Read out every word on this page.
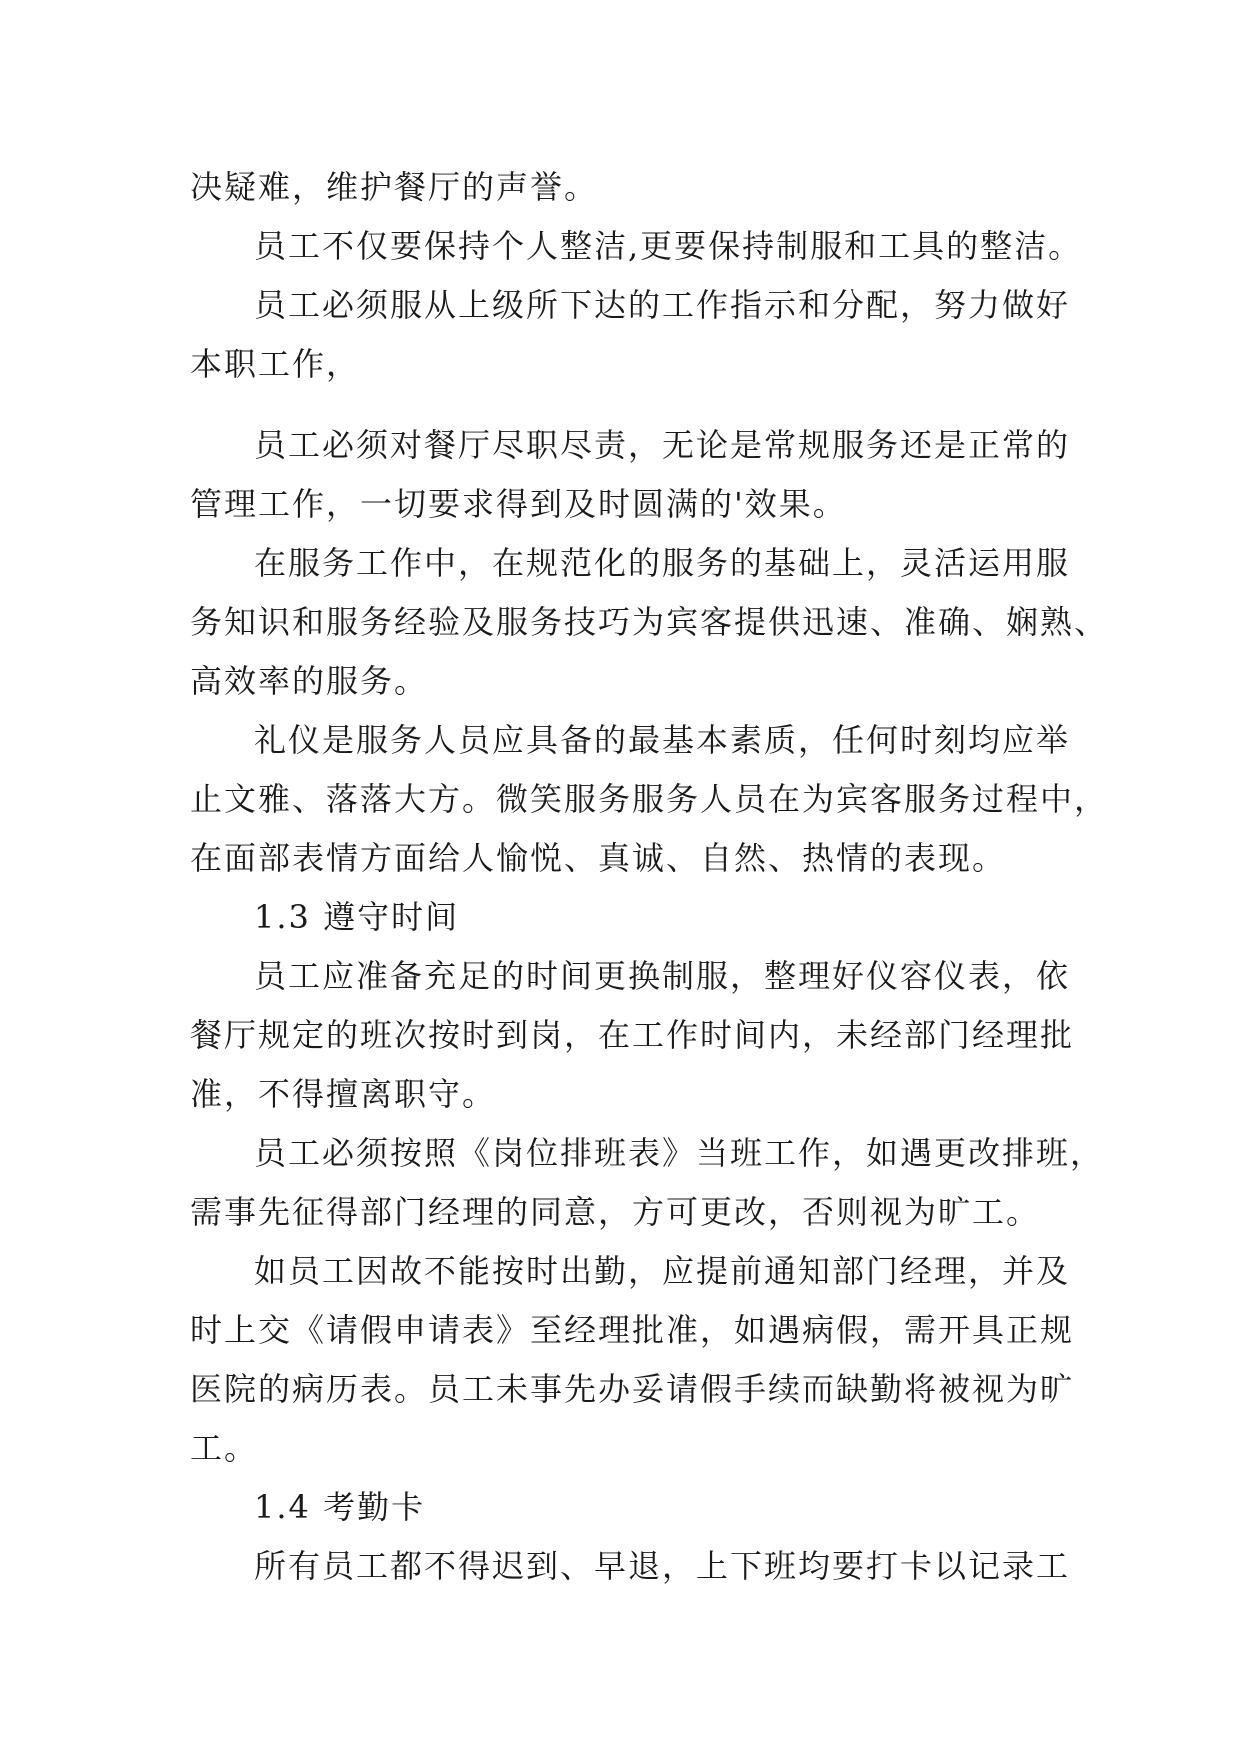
决疑难，维护餐厅的声誉。
员工不仅要保持个人整洁,更要保持制服和工具的整洁。
员工必须服从上级所下达的工作指示和分配，努力做好
本职工作，
员工必须对餐厅尽职尽责，无论是常规服务还是正常的
管理工作，一切要求得到及时圆满的'效果。
在服务工作中，在规范化的服务的基础上，灵活运用服
务知识和服务经验及服务技巧为宾客提供迅速、准确、娴熟、
高效率的服务。
礼仪是服务人员应具备的最基本素质，任何时刻均应举
止文雅、落落大方。微笑服务服务人员在为宾客服务过程中，
在面部表情方面给人愉悦、真诚、自然、热情的表现。
1.3 遵守时间
员工应准备充足的时间更换制服，整理好仪容仪表，依
餐厅规定的班次按时到岗，在工作时间内，未经部门经理批
准，不得擅离职守。
员工必须按照《岗位排班表》当班工作，如遇更改排班，
需事先征得部门经理的同意，方可更改，否则视为旷工。
如员工因故不能按时出勤，应提前通知部门经理，并及
时上交《请假申请表》至经理批准，如遇病假，需开具正规
医院的病历表。员工未事先办妥请假手续而缺勤将被视为旷
工。
1.4 考勤卡
所有员工都不得迟到、早退，上下班均要打卡以记录工
